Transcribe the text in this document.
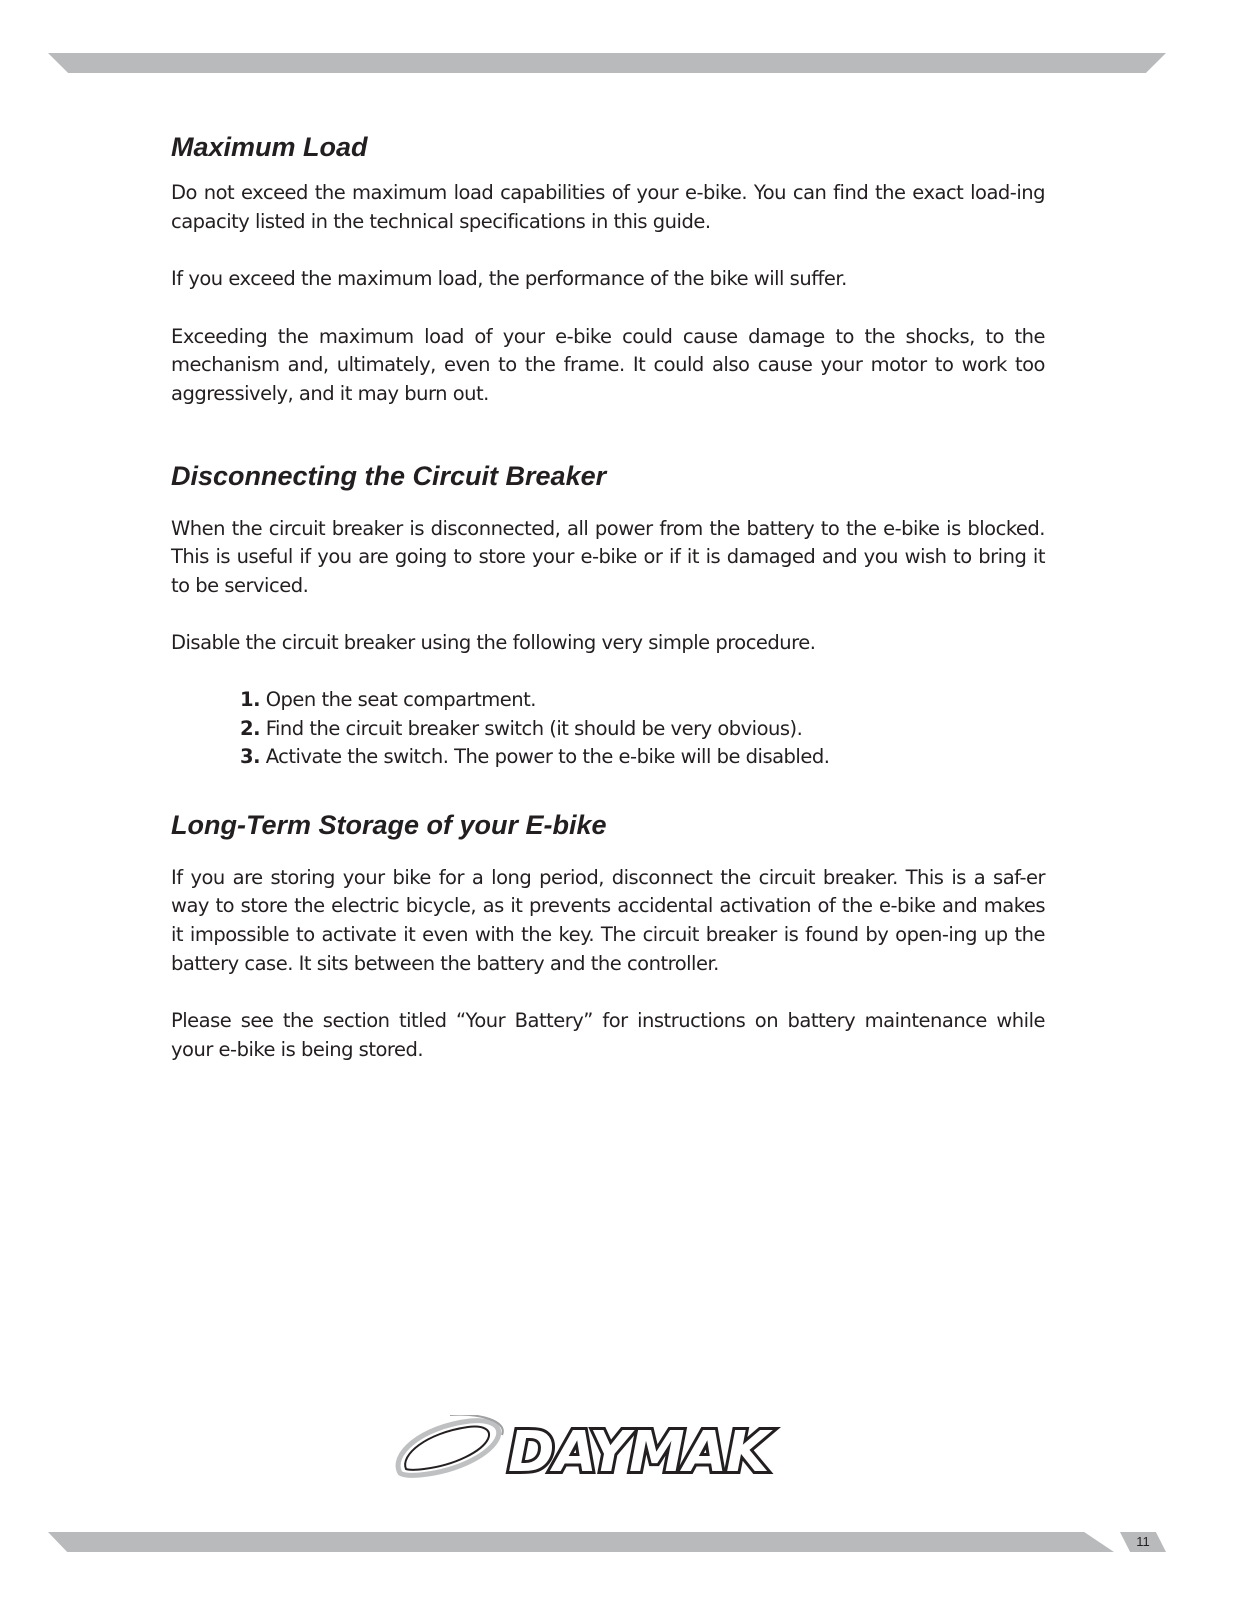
Maximum Load

Do not exceed the maximum load capabilities of your e-bike. You can find the exact load-ing capacity listed in the technical specifications in this guide.

If you exceed the maximum load, the performance of the bike will suffer.

Exceeding the maximum load of your e-bike could cause damage to the shocks, to the mechanism and, ultimately, even to the frame. It could also cause your motor to work too aggressively, and it may burn out.

Disconnecting the Circuit Breaker

When the circuit breaker is disconnected, all power from the battery to the e-bike is blocked. This is useful if you are going to store your e-bike or if it is damaged and you wish to bring it to be serviced.

Disable the circuit breaker using the following very simple procedure.

1. Open the seat compartment.
2. Find the circuit breaker switch (it should be very obvious).
3. Activate the switch. The power to the e-bike will be disabled.
Long-Term Storage of your E-bike

If you are storing your bike for a long period, disconnect the circuit breaker. This is a saf-er way to store the electric bicycle, as it prevents accidental activation of the e-bike and makes it impossible to activate it even with the key. The circuit breaker is found by open-ing up the battery case. It sits between the battery and the controller.

Please see the section titled “Your Battery” for instructions on battery maintenance while your e-bike is being stored.

DAYMAK
11
